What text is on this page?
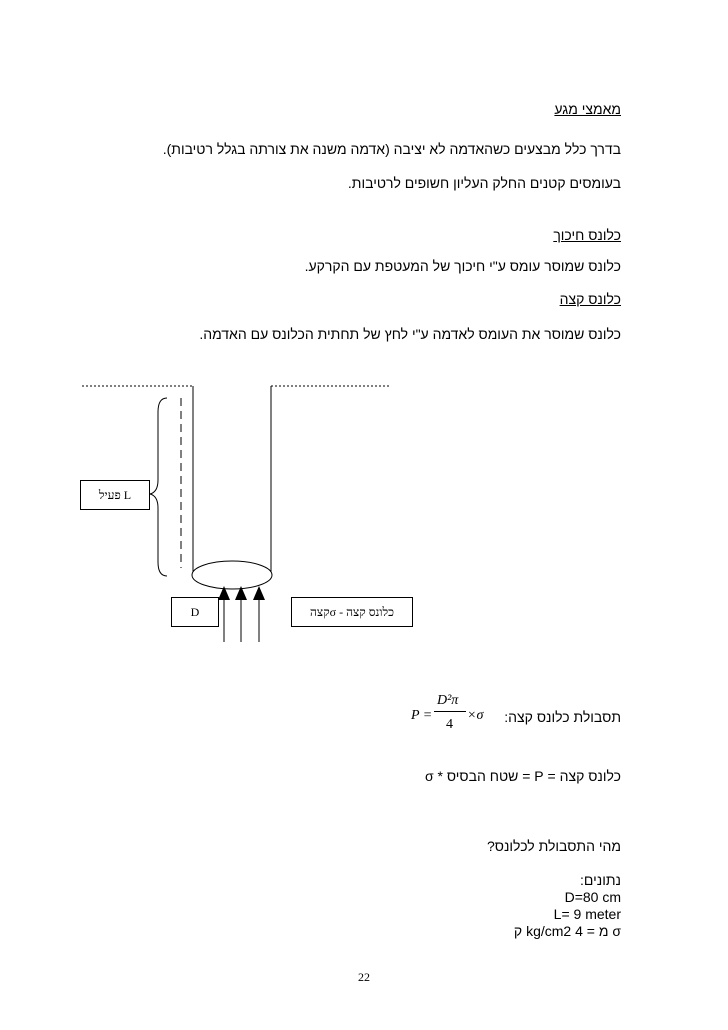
מאמצי מגע
בדרך כלל מבצעים כשהאדמה לא יציבה (אדמה משנה את צורתה בגלל רטיבות).
בעומסים קטנים החלק העליון חשופים לרטיבות.
כלונס חיכוך
כלונס שמוסר עומס ע"י חיכוך של המעטפת עם הקרקע.
כלונס קצה
כלונס שמוסר את העומס לאדמה ע"י לחץ של תחתית הכלונס עם האדמה.
L פעיל
D	כלונס קצה - σקצה
תסבולת כלונס קצה:
P =
D²π
4
×σ
כלונס קצה = P = שטח הבסיס * σ
מהי התסבולת לכלונס?
נתונים:
D=80 cm
L= 9 meter
σ מ = 4 kg/cm2 ק
22
